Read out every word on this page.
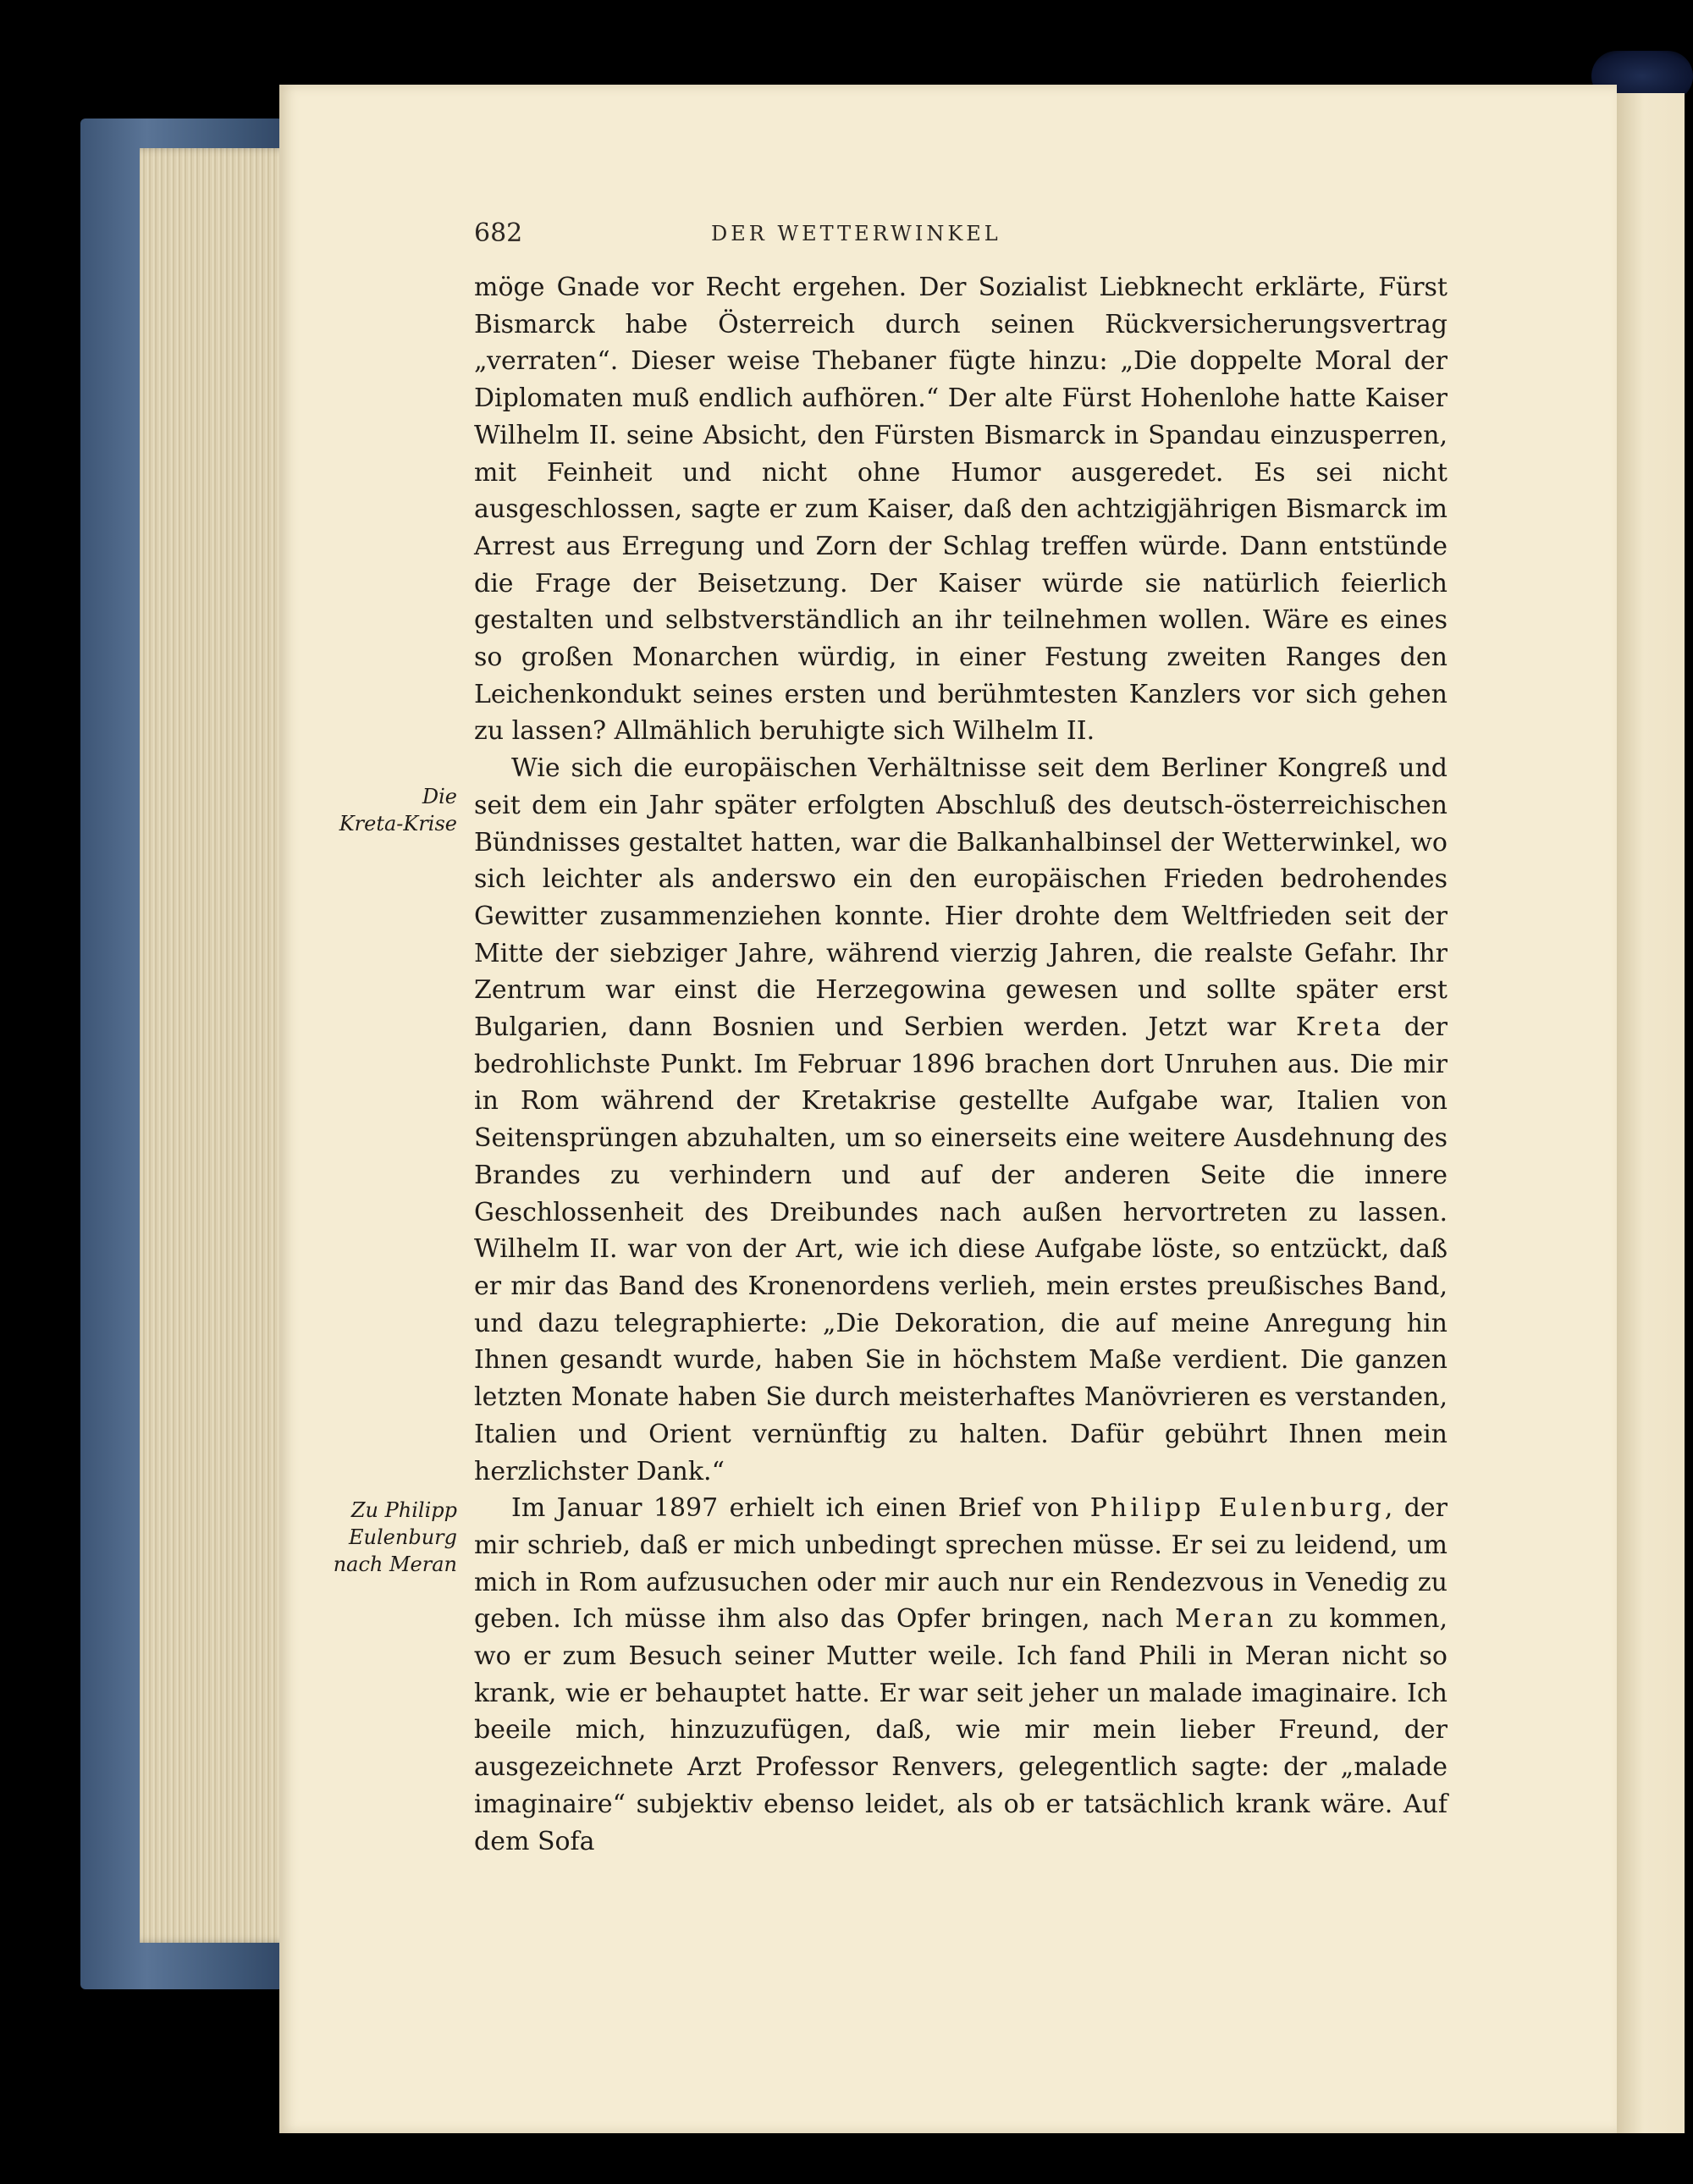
682	DER WETTERWINKEL
Die
Kreta-Krise
Zu Philipp
Eulenburg
nach Meran

möge Gnade vor Recht ergehen. Der Sozialist Liebknecht erklärte, Fürst Bismarck habe Österreich durch seinen Rückversicherungsvertrag „verraten“. Dieser weise Thebaner fügte hinzu: „Die doppelte Moral der Diplomaten muß endlich aufhören.“ Der alte Fürst Hohenlohe hatte Kaiser Wilhelm II. seine Absicht, den Fürsten Bismarck in Spandau einzusperren, mit Feinheit und nicht ohne Humor ausgeredet. Es sei nicht ausgeschlossen, sagte er zum Kaiser, daß den achtzigjährigen Bismarck im Arrest aus Erregung und Zorn der Schlag treffen würde. Dann entstünde die Frage der Beisetzung. Der Kaiser würde sie natürlich feierlich gestalten und selbstverständlich an ihr teilnehmen wollen. Wäre es eines so großen Monarchen würdig, in einer Festung zweiten Ranges den Leichenkondukt seines ersten und berühmtesten Kanzlers vor sich gehen zu lassen? Allmählich beruhigte sich Wilhelm II.

Wie sich die europäischen Verhältnisse seit dem Berliner Kongreß und seit dem ein Jahr später erfolgten Abschluß des deutsch-österreichischen Bündnisses gestaltet hatten, war die Balkanhalbinsel der Wetterwinkel, wo sich leichter als anderswo ein den europäischen Frieden bedrohendes Gewitter zusammenziehen konnte. Hier drohte dem Weltfrieden seit der Mitte der siebziger Jahre, während vierzig Jahren, die realste Gefahr. Ihr Zentrum war einst die Herzegowina gewesen und sollte später erst Bulgarien, dann Bosnien und Serbien werden. Jetzt war Kreta der bedrohlichste Punkt. Im Februar 1896 brachen dort Unruhen aus. Die mir in Rom während der Kretakrise gestellte Aufgabe war, Italien von Seitensprüngen abzuhalten, um so einerseits eine weitere Ausdehnung des Brandes zu verhindern und auf der anderen Seite die innere Geschlossenheit des Dreibundes nach außen hervortreten zu lassen. Wilhelm II. war von der Art, wie ich diese Aufgabe löste, so entzückt, daß er mir das Band des Kronenordens verlieh, mein erstes preußisches Band, und dazu telegraphierte: „Die Dekoration, die auf meine Anregung hin Ihnen gesandt wurde, haben Sie in höchstem Maße verdient. Die ganzen letzten Monate haben Sie durch meisterhaftes Manövrieren es verstanden, Italien und Orient vernünftig zu halten. Dafür gebührt Ihnen mein herzlichster Dank.“

Im Januar 1897 erhielt ich einen Brief von Philipp Eulenburg, der mir schrieb, daß er mich unbedingt sprechen müsse. Er sei zu leidend, um mich in Rom aufzusuchen oder mir auch nur ein Rendezvous in Venedig zu geben. Ich müsse ihm also das Opfer bringen, nach Meran zu kommen, wo er zum Besuch seiner Mutter weile. Ich fand Phili in Meran nicht so krank, wie er behauptet hatte. Er war seit jeher un malade imaginaire. Ich beeile mich, hinzuzufügen, daß, wie mir mein lieber Freund, der ausgezeichnete Arzt Professor Renvers, gelegentlich sagte: der „malade imaginaire“ subjektiv ebenso leidet, als ob er tatsächlich krank wäre. Auf dem Sofa
